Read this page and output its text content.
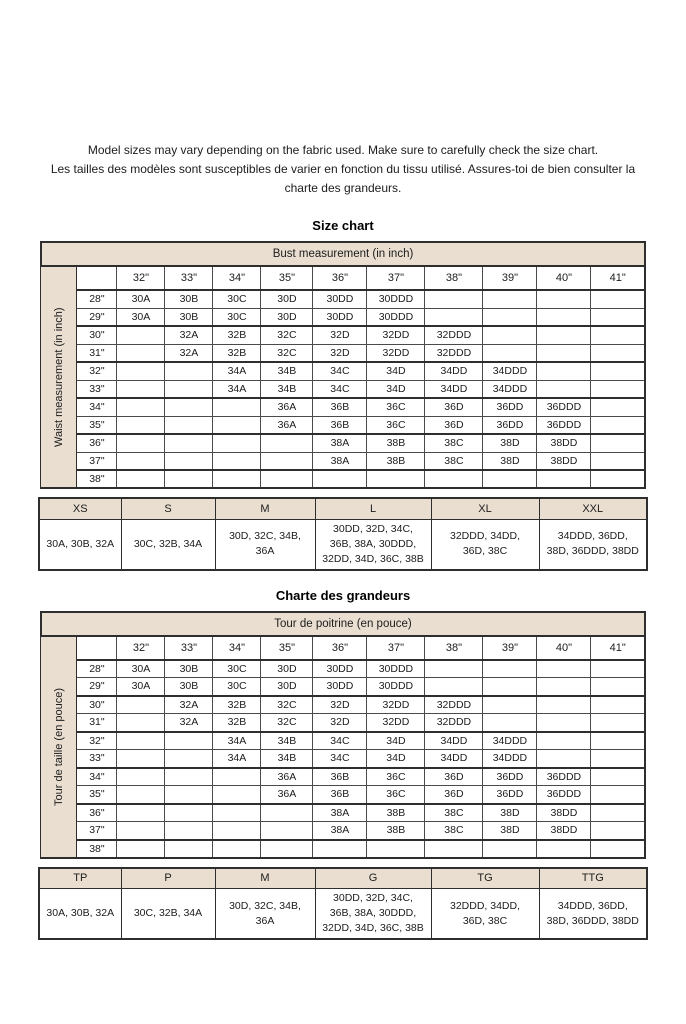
Model sizes may vary depending on the fabric used. Make sure to carefully check the size chart.

Les tailles des modèles sont susceptibles de varier en fonction du tissu utilisé. Assures-toi de bien consulter la charte des grandeurs.

Size chart
Bust measurement (in inch)											
Waist measurement (in inch)		32"	33"	34"	35"	36"	37"	38"	39"	40"	41"
	28"	30A	30B	30C	30D	30DD	30DDD				
	29"	30A	30B	30C	30D	30DD	30DDD				
	30"		32A	32B	32C	32D	32DD	32DDD			
	31"		32A	32B	32C	32D	32DD	32DDD			
	32"			34A	34B	34C	34D	34DD	34DDD		
	33"			34A	34B	34C	34D	34DD	34DDD		
	34"				36A	36B	36C	36D	36DD	36DDD	
	35"				36A	36B	36C	36D	36DD	36DDD	
	36"					38A	38B	38C	38D	38DD	
	37"					38A	38B	38C	38D	38DD	
	38"										
XS	S	M	L	XL	XXL
30A, 30B, 32A	30C, 32B, 34A	30D, 32C, 34B, 36A	30DD, 32D, 34C, 36B, 38A, 30DDD, 32DD, 34D, 36C, 38B	32DDD, 34DD, 36D, 38C	34DDD, 36DD, 38D, 36DDD, 38DD
Charte des grandeurs
Tour de poitrine (en pouce)											
Tour de taille (en pouce)		32"	33"	34"	35"	36"	37"	38"	39"	40"	41"
	28"	30A	30B	30C	30D	30DD	30DDD				
	29"	30A	30B	30C	30D	30DD	30DDD				
	30"		32A	32B	32C	32D	32DD	32DDD			
	31"		32A	32B	32C	32D	32DD	32DDD			
	32"			34A	34B	34C	34D	34DD	34DDD		
	33"			34A	34B	34C	34D	34DD	34DDD		
	34"				36A	36B	36C	36D	36DD	36DDD	
	35"				36A	36B	36C	36D	36DD	36DDD	
	36"					38A	38B	38C	38D	38DD	
	37"					38A	38B	38C	38D	38DD	
	38"										
TP	P	M	G	TG	TTG
30A, 30B, 32A	30C, 32B, 34A	30D, 32C, 34B, 36A	30DD, 32D, 34C, 36B, 38A, 30DDD, 32DD, 34D, 36C, 38B	32DDD, 34DD, 36D, 38C	34DDD, 36DD, 38D, 36DDD, 38DD
